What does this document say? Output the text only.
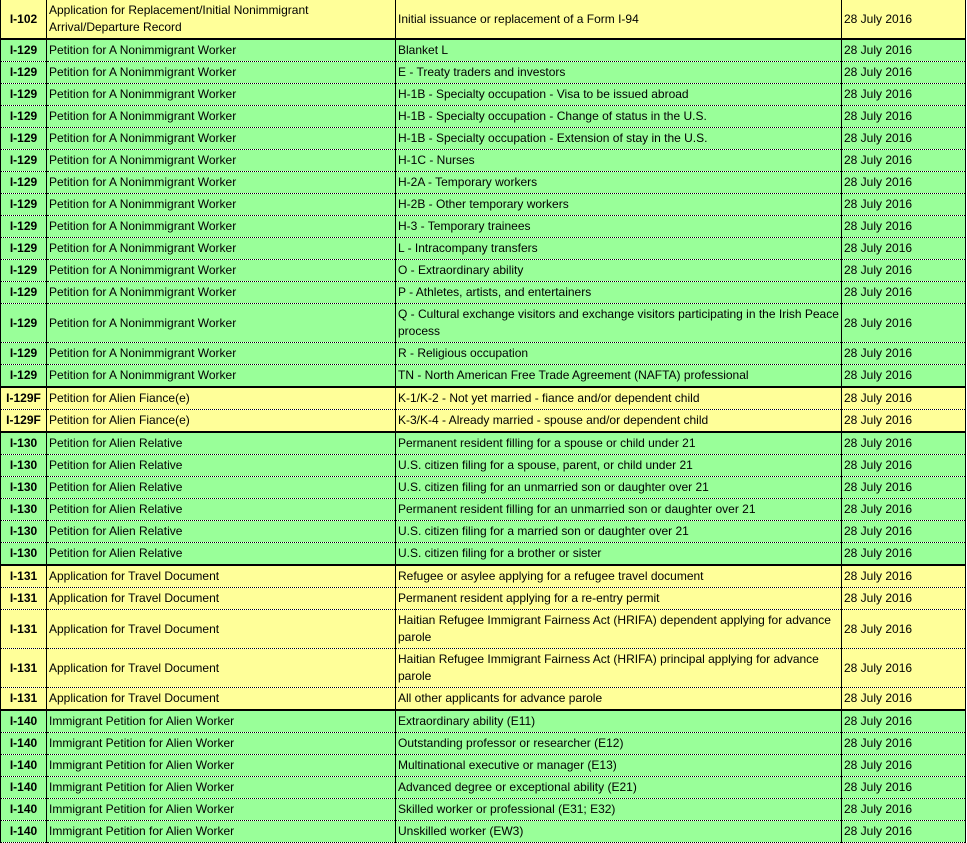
I-102	Application for Replacement/Initial Nonimmigrant Arrival/Departure Record	Initial issuance or replacement of a Form I-94	28 July 2016
I-129	Petition for A Nonimmigrant Worker	Blanket L	28 July 2016
I-129	Petition for A Nonimmigrant Worker	E - Treaty traders and investors	28 July 2016
I-129	Petition for A Nonimmigrant Worker	H-1B - Specialty occupation - Visa to be issued abroad	28 July 2016
I-129	Petition for A Nonimmigrant Worker	H-1B - Specialty occupation - Change of status in the U.S.	28 July 2016
I-129	Petition for A Nonimmigrant Worker	H-1B - Specialty occupation - Extension of stay in the U.S.	28 July 2016
I-129	Petition for A Nonimmigrant Worker	H-1C - Nurses	28 July 2016
I-129	Petition for A Nonimmigrant Worker	H-2A - Temporary workers	28 July 2016
I-129	Petition for A Nonimmigrant Worker	H-2B - Other temporary workers	28 July 2016
I-129	Petition for A Nonimmigrant Worker	H-3 - Temporary trainees	28 July 2016
I-129	Petition for A Nonimmigrant Worker	L - Intracompany transfers	28 July 2016
I-129	Petition for A Nonimmigrant Worker	O - Extraordinary ability	28 July 2016
I-129	Petition for A Nonimmigrant Worker	P - Athletes, artists, and entertainers	28 July 2016
I-129	Petition for A Nonimmigrant Worker	Q - Cultural exchange visitors and exchange visitors participating in the Irish Peace process	28 July 2016
I-129	Petition for A Nonimmigrant Worker	R - Religious occupation	28 July 2016
I-129	Petition for A Nonimmigrant Worker	TN - North American Free Trade Agreement (NAFTA) professional	28 July 2016
I-129F	Petition for Alien Fiance(e)	K-1/K-2 - Not yet married - fiance and/or dependent child	28 July 2016
I-129F	Petition for Alien Fiance(e)	K-3/K-4 - Already married - spouse and/or dependent child	28 July 2016
I-130	Petition for Alien Relative	Permanent resident filling for a spouse or child under 21	28 July 2016
I-130	Petition for Alien Relative	U.S. citizen filing for a spouse, parent, or child under 21	28 July 2016
I-130	Petition for Alien Relative	U.S. citizen filing for an unmarried son or daughter over 21	28 July 2016
I-130	Petition for Alien Relative	Permanent resident filling for an unmarried son or daughter over 21	28 July 2016
I-130	Petition for Alien Relative	U.S. citizen filing for a married son or daughter over 21	28 July 2016
I-130	Petition for Alien Relative	U.S. citizen filing for a brother or sister	28 July 2016
I-131	Application for Travel Document	Refugee or asylee applying for a refugee travel document	28 July 2016
I-131	Application for Travel Document	Permanent resident applying for a re-entry permit	28 July 2016
I-131	Application for Travel Document	Haitian Refugee Immigrant Fairness Act (HRIFA) dependent applying for advance parole	28 July 2016
I-131	Application for Travel Document	Haitian Refugee Immigrant Fairness Act (HRIFA) principal applying for advance parole	28 July 2016
I-131	Application for Travel Document	All other applicants for advance parole	28 July 2016
I-140	Immigrant Petition for Alien Worker	Extraordinary ability (E11)	28 July 2016
I-140	Immigrant Petition for Alien Worker	Outstanding professor or researcher (E12)	28 July 2016
I-140	Immigrant Petition for Alien Worker	Multinational executive or manager (E13)	28 July 2016
I-140	Immigrant Petition for Alien Worker	Advanced degree or exceptional ability (E21)	28 July 2016
I-140	Immigrant Petition for Alien Worker	Skilled worker or professional (E31; E32)	28 July 2016
I-140	Immigrant Petition for Alien Worker	Unskilled worker (EW3)	28 July 2016
